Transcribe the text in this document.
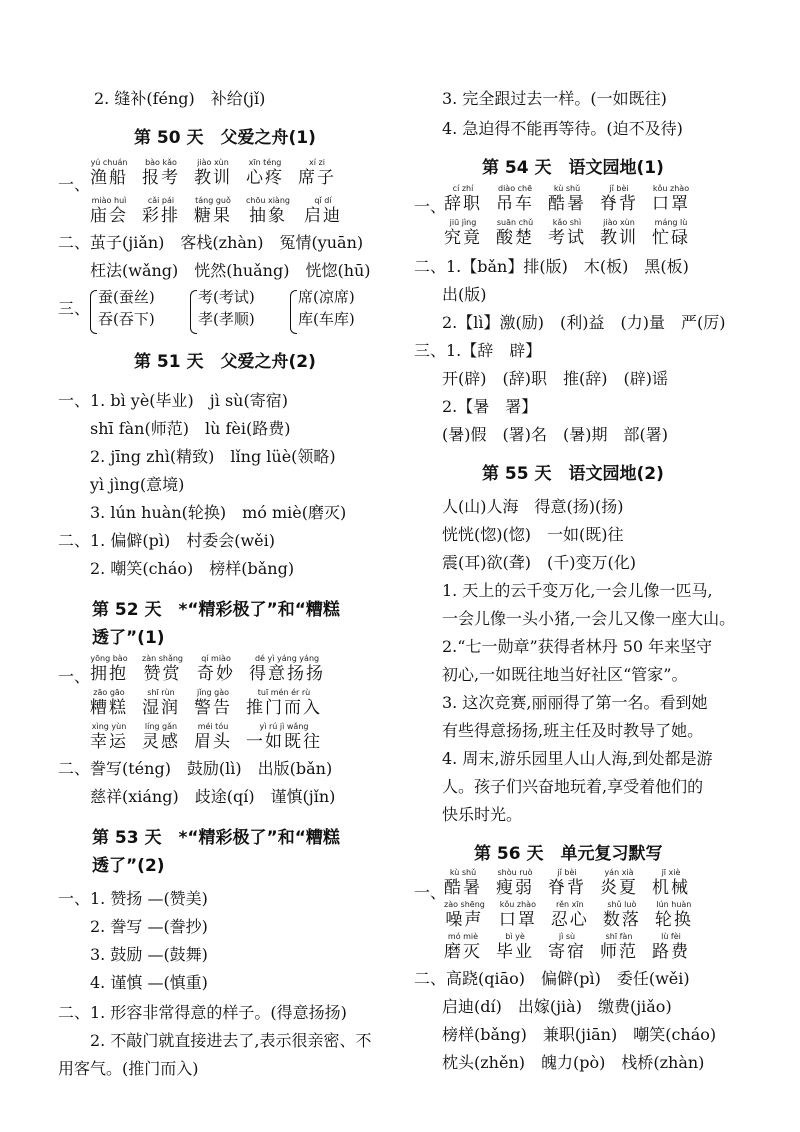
2. 缝补(féng)　补给(jǐ)
第 50 天　父爱之舟(1)
一、
yú chuán
渔船
bào kǎo
报考
jiào xùn
教训
xīn téng
心疼
xí zi
席子
miào huì
庙会
cǎi pái
彩排
táng guǒ
糖果
chōu xiàng
抽象
qǐ dí
启迪
二、茧子(jiǎn)　客栈(zhàn)　冤情(yuān)
枉法(wǎng)　恍然(huǎng)　恍惚(hū)
三、
蚕(蚕丝)
吞(吞下)
考(考试)
孝(孝顺)
席(凉席)
库(车库)
第 51 天　父爱之舟(2)
一、1. bì yè(毕业)　jì sù(寄宿)
shī fàn(师范)　lù fèi(路费)
2. jīng zhì(精致)　lǐng lüè(领略)
yì jìng(意境)
3. lún huàn(轮换)　mó miè(磨灭)
二、1. 偏僻(pì)　村委会(wěi)
2. 嘲笑(cháo)　榜样(bǎng)
第 52 天　*“精彩极了”和“糟糕
透了”(1)
一、
yōng bào
拥抱
zàn shǎng
赞赏
qí miào
奇妙
dé yì yáng yáng
得意扬扬
zāo gāo
糟糕
shī rùn
湿润
jǐng gào
警告
tuī mén ér rù
推门而入
xìng yùn
幸运
líng gǎn
灵感
méi tóu
眉头
yì rú jì wǎng
一如既往
二、誊写(téng)　鼓励(lì)　出版(bǎn)
慈祥(xiáng)　歧途(qí)　谨慎(jǐn)
第 53 天　*“精彩极了”和“糟糕
透了”(2)
一、1. 赞扬 —(赞美)
2. 誊写 —(誊抄)
3. 鼓励 —(鼓舞)
4. 谨慎 —(慎重)
二、1. 形容非常得意的样子。(得意扬扬)
2. 不敲门就直接进去了,表示很亲密、不
用客气。(推门而入)
3. 完全跟过去一样。(一如既往)
4. 急迫得不能再等待。(迫不及待)
第 54 天　语文园地(1)
一、
cí zhí
辞职
diào chē
吊车
kù shǔ
酷暑
jǐ bèi
脊背
kǒu zhào
口罩
jiū jìng
究竟
suān chǔ
酸楚
kǎo shì
考试
jiào xùn
教训
máng lù
忙碌
二、1.【bǎn】排(版)　木(板)　黑(板)
出(版)
2.【lì】激(励)　(利)益　(力)量　严(厉)
三、1.【辞　辟】
开(辟)　(辞)职　推(辞)　(辟)谣
2.【暑　署】
(暑)假　(署)名　(暑)期　部(署)
第 55 天　语文园地(2)
人(山)人海　得意(扬)(扬)
恍恍(惚)(惚)　一如(既)往
震(耳)欲(聋)　(千)变万(化)
1. 天上的云千变万化,一会儿像一匹马,
一会儿像一头小猪,一会儿又像一座大山。
2.“七一勋章”获得者林丹 50 年来坚守
初心,一如既往地当好社区“管家”。
3. 这次竞赛,丽丽得了第一名。看到她
有些得意扬扬,班主任及时教导了她。
4. 周末,游乐园里人山人海,到处都是游
人。孩子们兴奋地玩着,享受着他们的
快乐时光。
第 56 天　单元复习默写
一、
kù shǔ
酷暑
shòu ruò
瘦弱
jǐ bèi
脊背
yán xià
炎夏
jī xiè
机械
zào shēng
噪声
kǒu zhào
口罩
rěn xīn
忍心
shǔ luò
数落
lún huàn
轮换
mó miè
磨灭
bì yè
毕业
jì sù
寄宿
shī fàn
师范
lù fèi
路费
二、高跷(qiāo)　偏僻(pì)　委任(wěi)
启迪(dí)　出嫁(jià)　缴费(jiǎo)
榜样(bǎng)　兼职(jiān)　嘲笑(cháo)
枕头(zhěn)　魄力(pò)　栈桥(zhàn)
